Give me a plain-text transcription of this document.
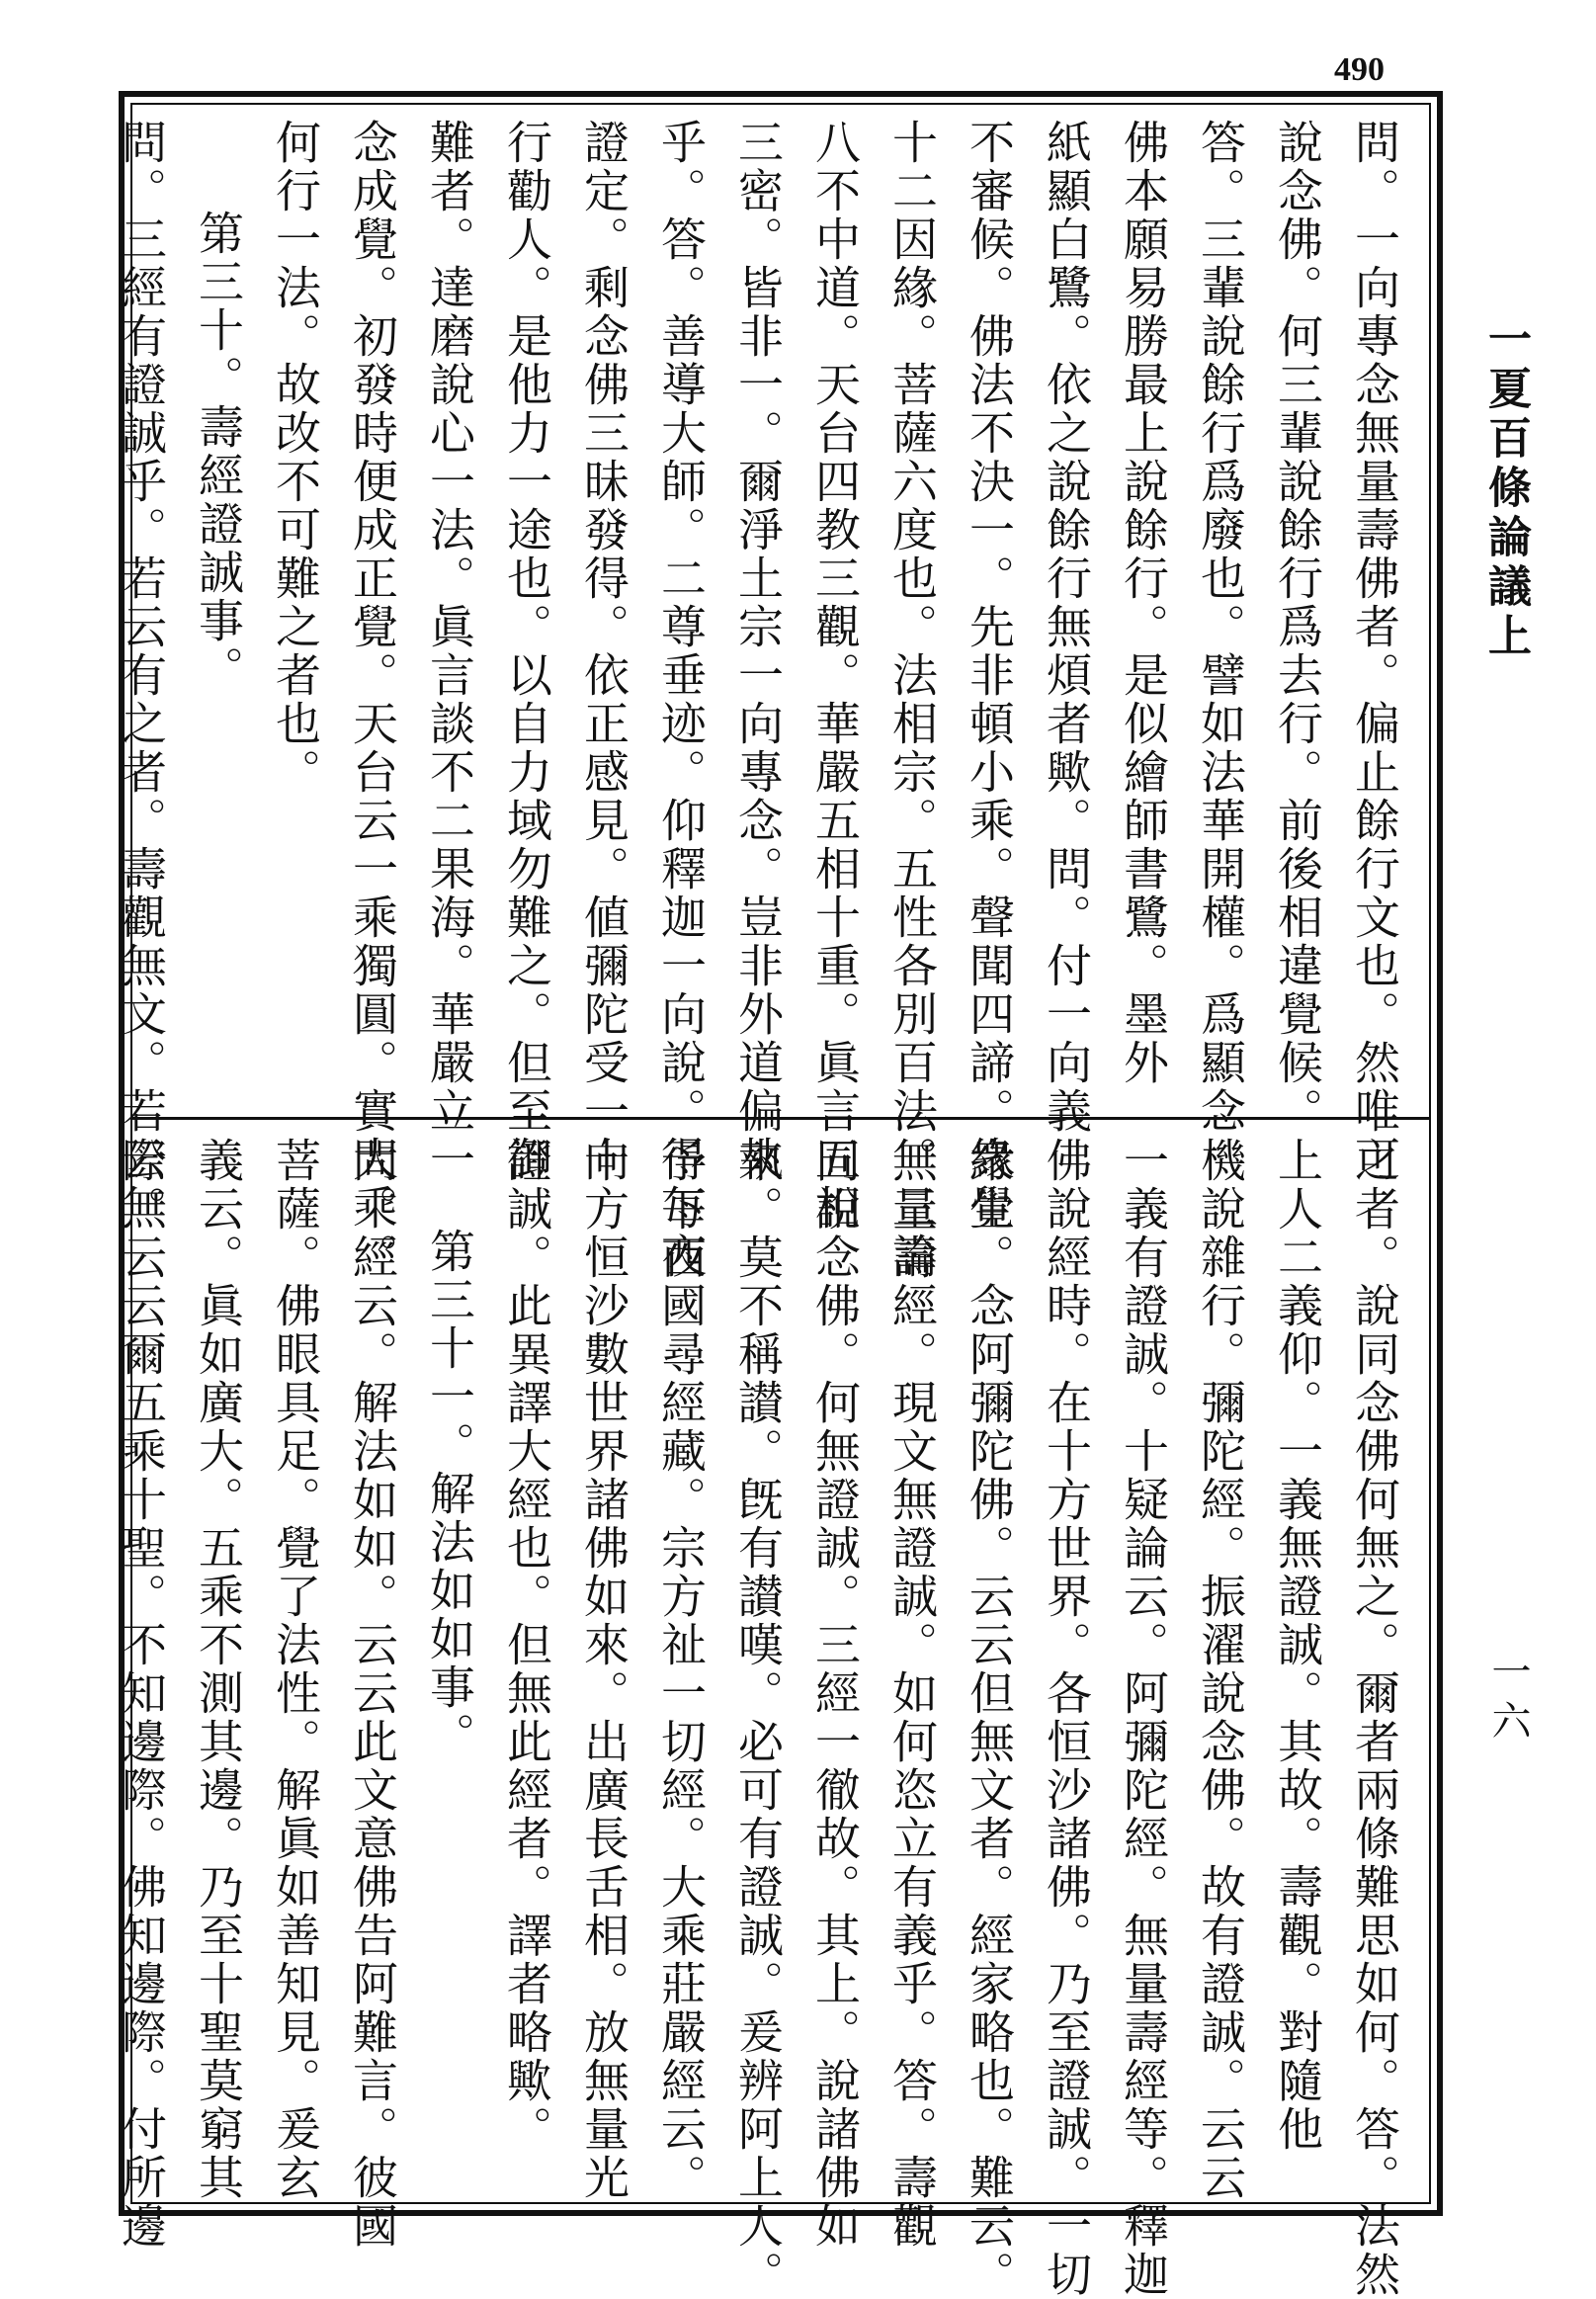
490
一夏百條論議上
一六
問。一向專念無量壽佛者。偏止餘行文也。然唯可
說念佛。何三輩說餘行爲去行。前後相違覺候。
答。三輩說餘行爲廢也。譬如法華開權。爲顯念
佛本願易勝最上說餘行。是似繪師書鷺。墨外
紙顯白鷺。依之說餘行無煩者歟。問。付一向義
不審候。佛法不決一。先非頓小乘。聲聞四諦。緣覺
十二因緣。菩薩六度也。法相宗。五性各別百法。三論
八不中道。天台四教三觀。華嚴五相十重。眞言五相
三密。皆非一。爾淨土宗一向專念。豈非外道偏執
乎。答。善導大師。二尊垂迹。仰釋迦一向說。得每夜
證定。剩念佛三昧發得。依正感見。値彌陀受一向
行勸人。是他力一途也。以自力域勿難之。但至御
難者。達磨說心一法。眞言談不二果海。華嚴立一
念成覺。初發時便成正覺。天台云一乘獨圓。實大乘。
何行一法。故改不可難之者也。
第三十。壽經證誠事。
問。三經有證誠乎。若云有之者。壽觀無文。若云無
之者。說同念佛何無之。爾者兩條難思如何。答。法然
上人二義仰。一義無證誠。其故。壽觀。對隨他
機說雜行。彌陀經。振濯說念佛。故有證誠。云云
一義有證誠。十疑論云。阿彌陀經。無量壽經等。釋迦
佛說經時。在十方世界。各恒沙諸佛。乃至證誠。一切
衆生。念阿彌陀佛。云云但無文者。經家略也。難云。
無量壽經。現文無證誠。如何恣立有義乎。答。壽觀
同說念佛。何無證誠。三經一徹故。其上。說諸佛如
來。莫不稱讃。旣有讃嘆。必可有證誠。爰辨阿上人。
予下西國尋經藏。宗方祉一切經。大乘莊嚴經云。
十方恒沙數世界諸佛如來。出廣長舌相。放無量光
證誠。此異譯大經也。但無此經者。譯者略歟。
第三十一。解法如如事。
問。經云。解法如如。云云此文意佛告阿難言。彼國
菩薩。佛眼具足。覺了法性。解眞如善知見。爰玄
義云。眞如廣大。五乘不測其邊。乃至十聖莫窮其
際。云云爾五乘十聖。不知邊際。佛知邊際。付所邊
